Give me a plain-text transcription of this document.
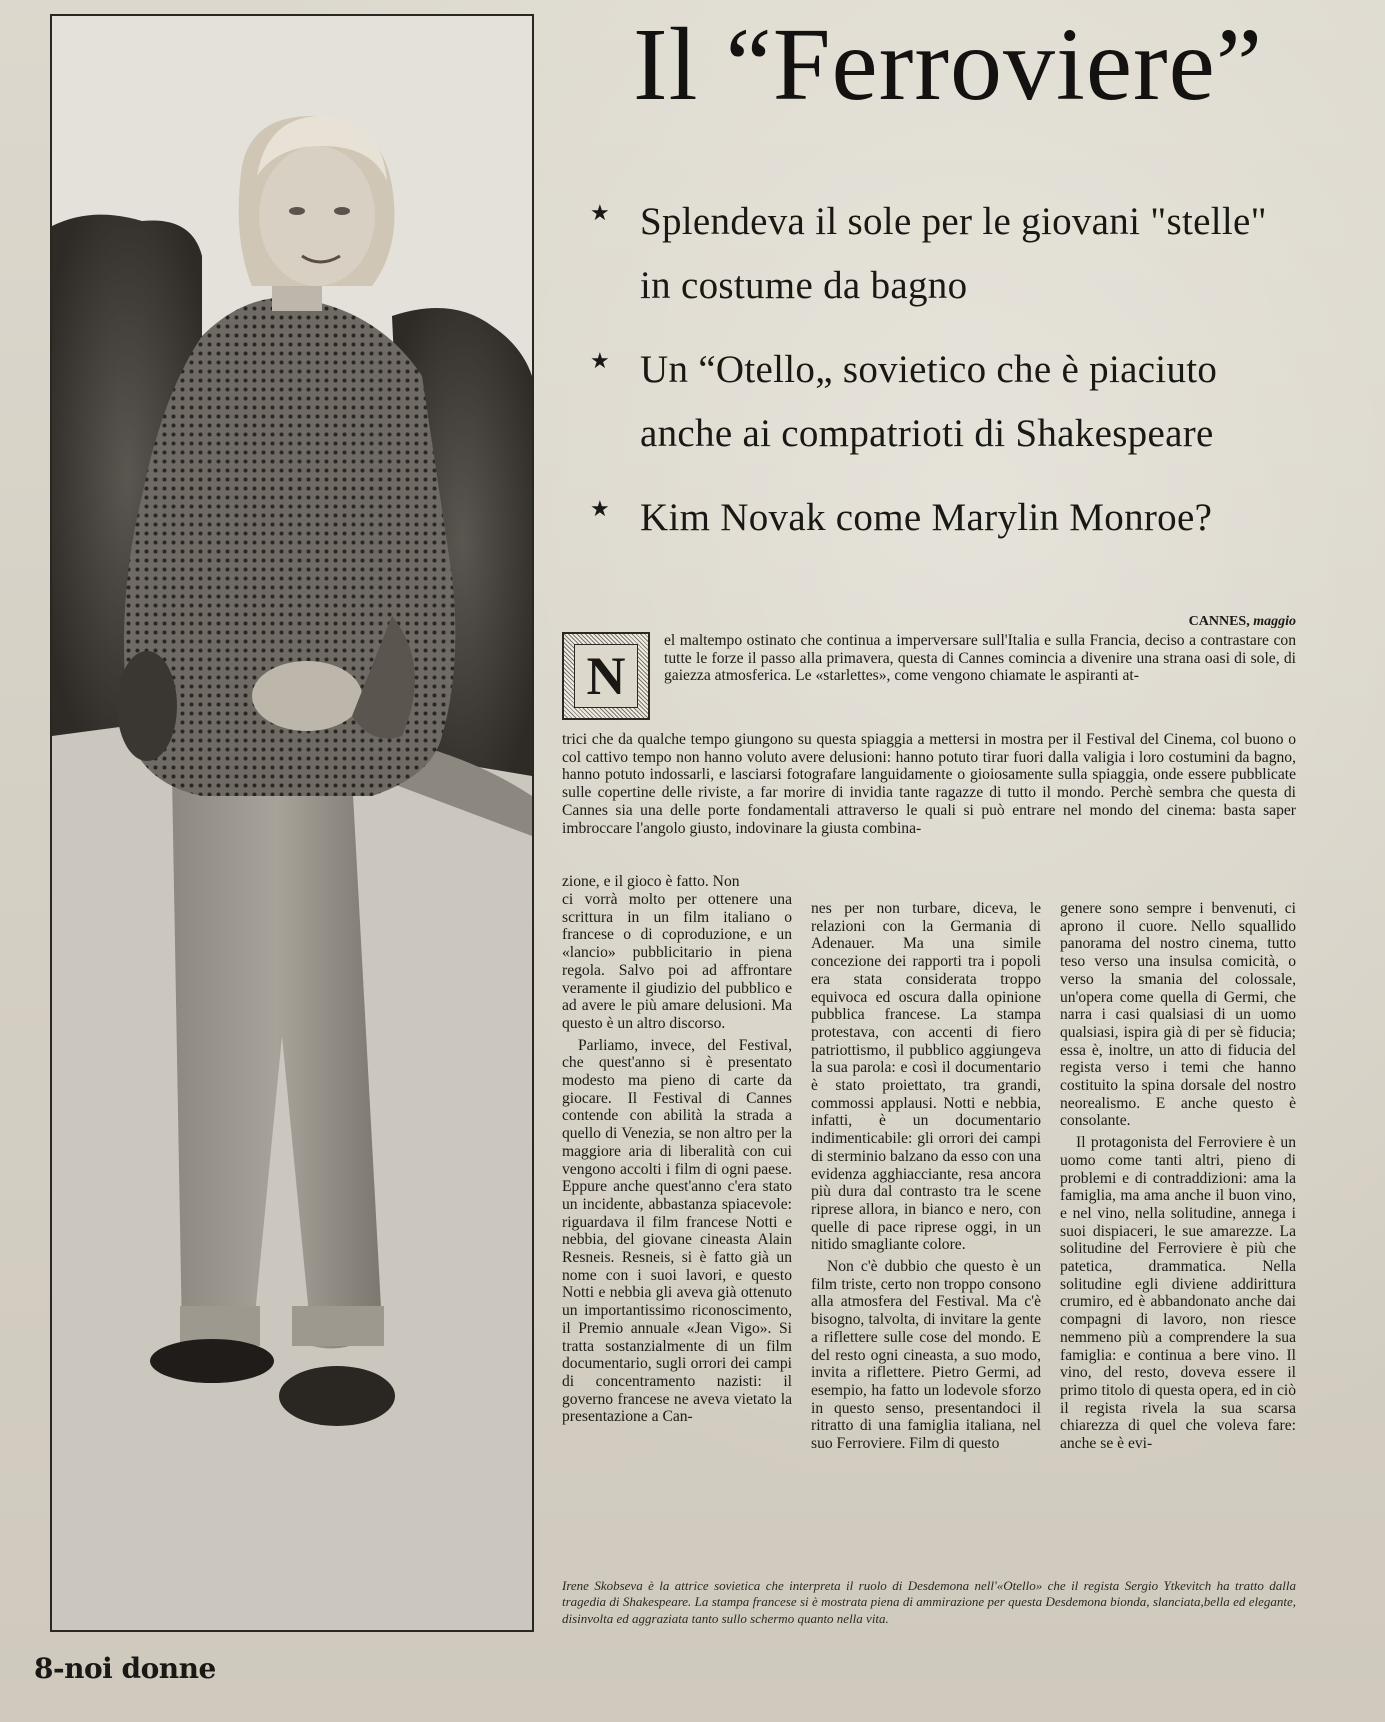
Il “Ferroviere”
★ Splendeva il sole per le giovani "stelle"
in costume da bagno
★ Un “Otello„ sovietico che è piaciuto
anche ai compatrioti di Shakespeare
★ Kim Novak come Marylin Monroe?
CANNES, maggio
N
el maltempo ostinato che continua a imperversare sull'Italia e sulla Francia, deciso a contrastare con tutte le forze il passo alla primavera, questa di Cannes comincia a divenire una strana oasi di sole, di gaiezza atmosferica. Le «starlettes», come vengono chiamate le aspiranti at-
trici che da qualche tempo giungono su questa spiaggia a mettersi in mostra per il Festival del Cinema, col buono o col cattivo tempo non hanno voluto avere delusioni: hanno potuto tirar fuori dalla valigia i loro costumini da bagno, hanno potuto indossarli, e lasciarsi fotografare languidamente o gioiosamente sulla spiaggia, onde essere pubblicate sulle copertine delle riviste, a far morire di invidia tante ragazze di tutto il mondo. Perchè sembra che questa di Cannes sia una delle porte fondamentali attraverso le quali si può entrare nel mondo del cinema: basta saper imbroccare l'angolo giusto, indovinare la giusta combina-
zione, e il gioco è fatto. Non

ci vorrà molto per ottenere una scrittura in un film italiano o francese o di coproduzione, e un «lancio» pubblicitario in piena regola. Salvo poi ad affrontare veramente il giudizio del pubblico e ad avere le più amare delusioni. Ma questo è un altro discorso.

Parliamo, invece, del Festival, che quest'anno si è presentato modesto ma pieno di carte da giocare. Il Festival di Cannes contende con abilità la strada a quello di Venezia, se non altro per la maggiore aria di liberalità con cui vengono accolti i film di ogni paese. Eppure anche quest'anno c'era stato un incidente, abbastanza spiacevole: riguardava il film francese Notti e nebbia, del giovane cineasta Alain Resneis. Resneis, si è fatto già un nome con i suoi lavori, e questo Notti e nebbia gli aveva già ottenuto un importantissimo riconoscimento, il Premio annuale «Jean Vigo». Si tratta sostanzialmente di un film documentario, sugli orrori dei campi di concentramento nazisti: il governo francese ne aveva vietato la presentazione a Can-

nes per non turbare, diceva, le relazioni con la Germania di Adenauer. Ma una simile concezione dei rapporti tra i popoli era stata considerata troppo equivoca ed oscura dalla opinione pubblica francese. La stampa protestava, con accenti di fiero patriottismo, il pubblico aggiungeva la sua parola: e così il documentario è stato proiettato, tra grandi, commossi applausi. Notti e nebbia, infatti, è un documentario indimenticabile: gli orrori dei campi di sterminio balzano da esso con una evidenza agghiacciante, resa ancora più dura dal contrasto tra le scene riprese allora, in bianco e nero, con quelle di pace riprese oggi, in un nitido smagliante colore.

Non c'è dubbio che questo è un film triste, certo non troppo consono alla atmosfera del Festival. Ma c'è bisogno, talvolta, di invitare la gente a riflettere sulle cose del mondo. E del resto ogni cineasta, a suo modo, invita a riflettere. Pietro Germi, ad esempio, ha fatto un lodevole sforzo in questo senso, presentandoci il ritratto di una famiglia italiana, nel suo Ferroviere. Film di questo

genere sono sempre i benvenuti, ci aprono il cuore. Nello squallido panorama del nostro cinema, tutto teso verso una insulsa comicità, o verso la smania del colossale, un'opera come quella di Germi, che narra i casi qualsiasi di un uomo qualsiasi, ispira già di per sè fiducia; essa è, inoltre, un atto di fiducia del regista verso i temi che hanno costituito la spina dorsale del nostro neorealismo. E anche questo è consolante.

Il protagonista del Ferroviere è un uomo come tanti altri, pieno di problemi e di contraddizioni: ama la famiglia, ma ama anche il buon vino, e nel vino, nella solitudine, annega i suoi dispiaceri, le sue amarezze. La solitudine del Ferroviere è più che patetica, drammatica. Nella solitudine egli diviene addirittura crumiro, ed è abbandonato anche dai compagni di lavoro, non riesce nemmeno più a comprendere la sua famiglia: e continua a bere vino. Il vino, del resto, doveva essere il primo titolo di questa opera, ed in ciò il regista rivela la sua scarsa chiarezza di quel che voleva fare: anche se è evi-

Irene Skobseva è la attrice sovietica che interpreta il ruolo di Desdemona nell'«Otello» che il regista Sergio Ytkevitch ha tratto dalla tragedia di Shakespeare. La stampa francese si è mostrata piena di ammirazione per questa Desdemona bionda, slanciata,bella ed elegante, disinvolta ed aggraziata tanto sullo schermo quanto nella vita.
8-noi donne
